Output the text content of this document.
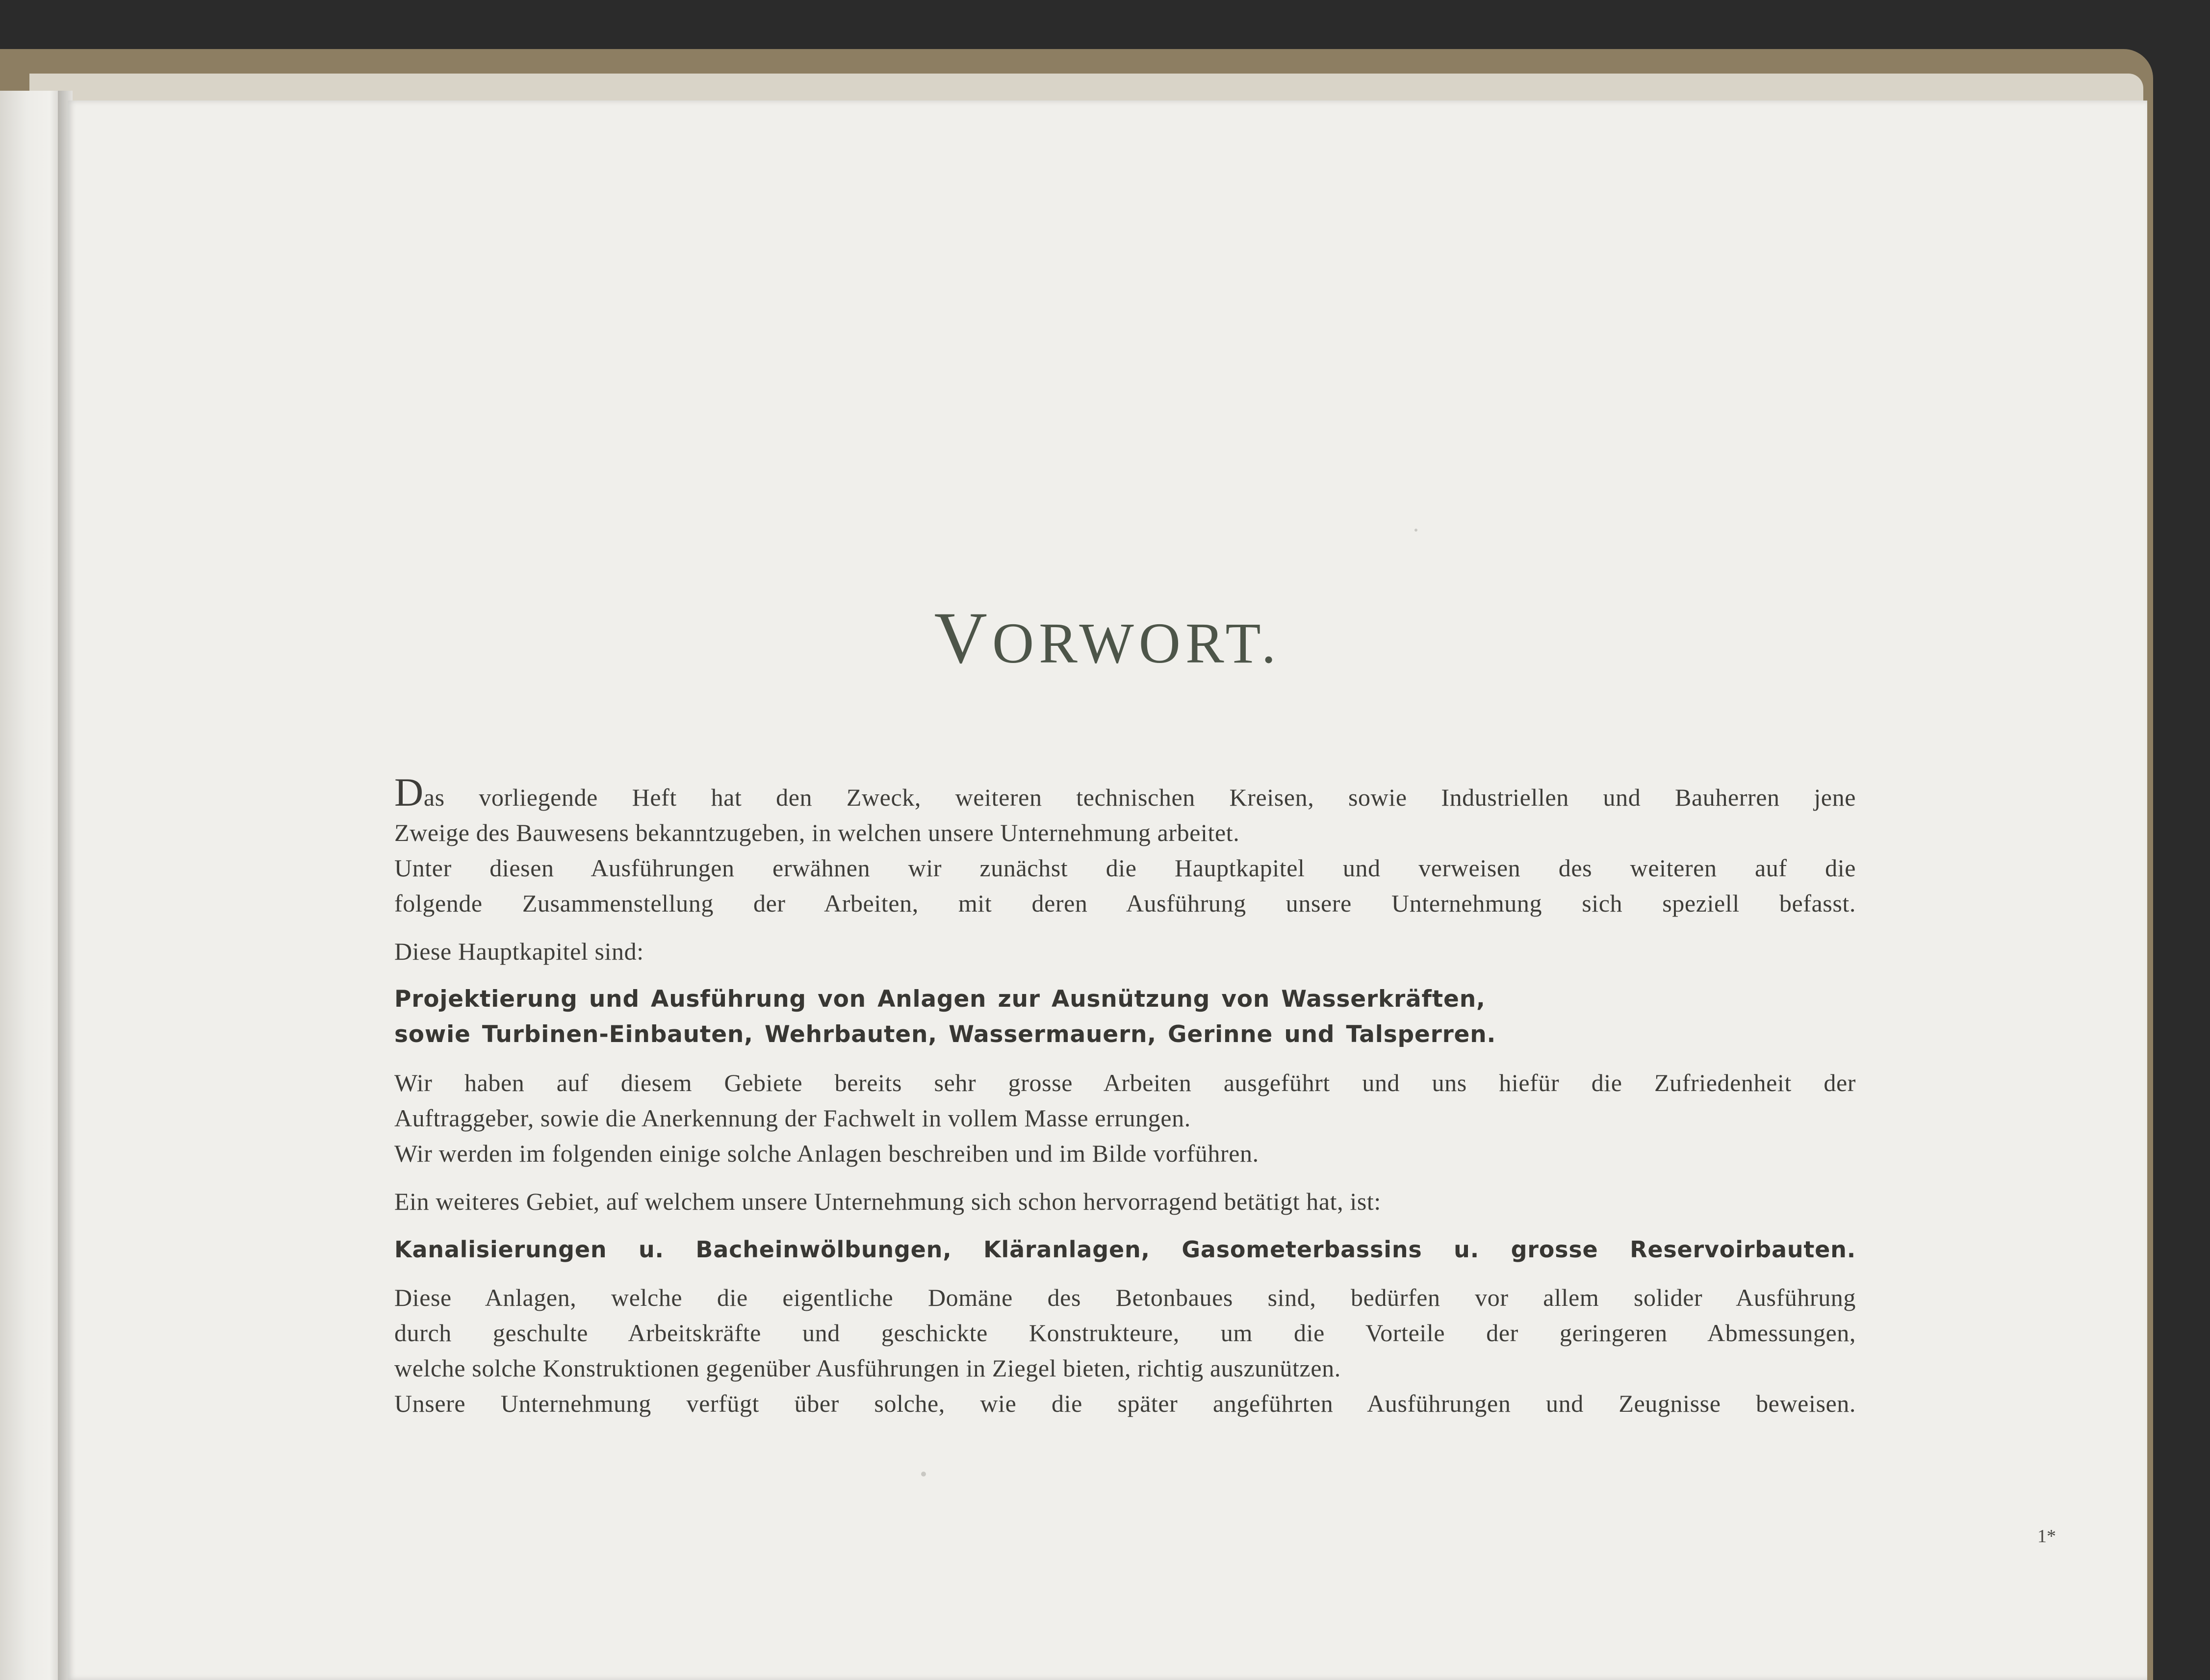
VORWORT.

Das vorliegende Heft hat den Zweck, weiteren technischen Kreisen, sowie Industriellen und Bauherren jene

Zweige des Bauwesens bekanntzugeben, in welchen unsere Unternehmung arbeitet.

Unter diesen Ausführungen erwähnen wir zunächst die Hauptkapitel und verweisen des weiteren auf die

folgende Zusammenstellung der Arbeiten, mit deren Ausführung unsere Unternehmung sich speziell befasst.

Diese Hauptkapitel sind:

Projektierung und Ausführung von Anlagen zur Ausnützung von Wasserkräften,

sowie Turbinen-Einbauten, Wehrbauten, Wassermauern, Gerinne und Talsperren.

Wir haben auf diesem Gebiete bereits sehr grosse Arbeiten ausgeführt und uns hiefür die Zufriedenheit der

Auftraggeber, sowie die Anerkennung der Fachwelt in vollem Masse errungen.

Wir werden im folgenden einige solche Anlagen beschreiben und im Bilde vorführen.

Ein weiteres Gebiet, auf welchem unsere Unternehmung sich schon hervorragend betätigt hat, ist:

Kanalisierungen u. Bacheinwölbungen, Kläranlagen, Gasometerbassins u. grosse Reservoirbauten.

Diese Anlagen, welche die eigentliche Domäne des Betonbaues sind, bedürfen vor allem solider Ausführung

durch geschulte Arbeitskräfte und geschickte Konstrukteure, um die Vorteile der geringeren Abmessungen,

welche solche Konstruktionen gegenüber Ausführungen in Ziegel bieten, richtig auszunützen.

Unsere Unternehmung verfügt über solche, wie die später angeführten Ausführungen und Zeugnisse beweisen.

1*
